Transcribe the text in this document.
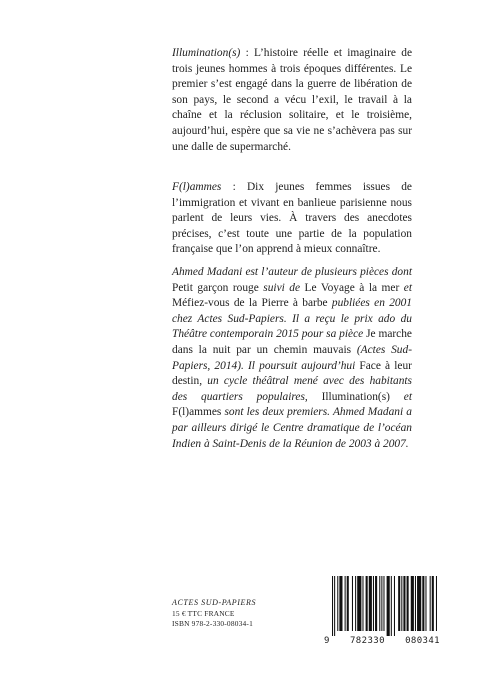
Illumination(s) : L’histoire réelle et imaginaire de trois jeunes hommes à trois époques différentes. Le premier s’est engagé dans la guerre de libération de son pays, le second a vécu l’exil, le travail à la chaîne et la réclusion solitaire, et le troisième, aujourd’hui, espère que sa vie ne s’achèvera pas sur une dalle de supermarché.

F(l)ammes : Dix jeunes femmes issues de l’immigration et vivant en banlieue parisienne nous parlent de leurs vies. À travers des anecdotes précises, c’est toute une partie de la population française que l’on apprend à mieux connaître.

Ahmed Madani est l’auteur de plusieurs pièces dont Petit garçon rouge suivi de Le Voyage à la mer et Méfiez-vous de la Pierre à barbe publiées en 2001 chez Actes Sud-Papiers. Il a reçu le prix ado du Théâtre contemporain 2015 pour sa pièce Je marche dans la nuit par un chemin mauvais (Actes Sud-Papiers, 2014). Il poursuit aujourd’hui Face à leur destin, un cycle théâtral mené avec des habitants des quartiers populaires, Illumination(s) et F(l)ammes sont les deux premiers. Ahmed Madani a par ailleurs dirigé le Centre dramatique de l’océan Indien à Saint-Denis de la Réunion de 2003 à 2007.

ACTES SUD-PAPIERS
15 € TTC FRANCE
ISBN 978-2-330-08034-1
9 782330 080341
